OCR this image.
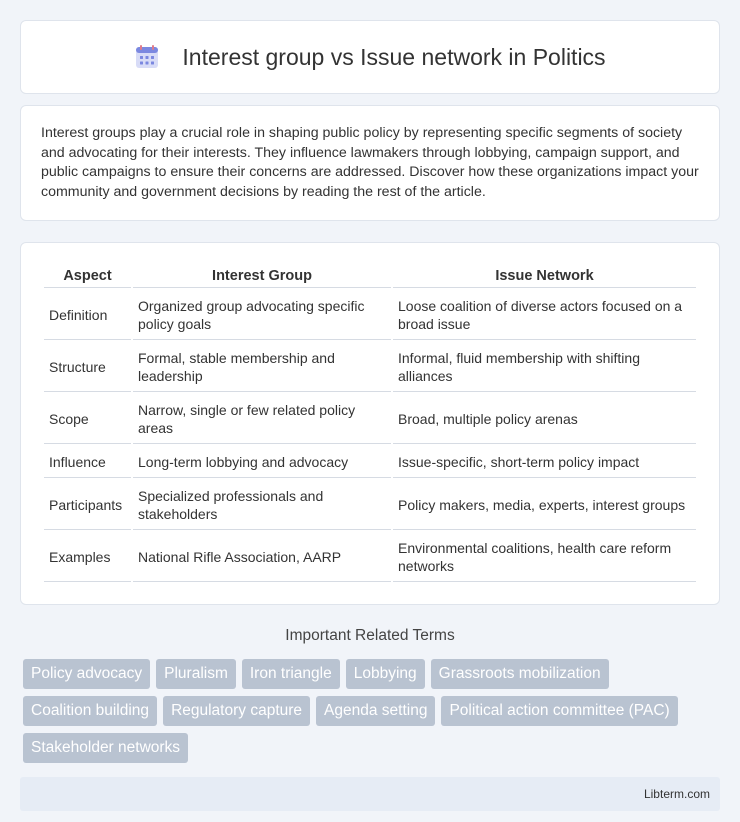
Interest group vs Issue network in Politics

Interest groups play a crucial role in shaping public policy by representing specific segments of society and advocating for their interests. They influence lawmakers through lobbying, campaign support, and public campaigns to ensure their concerns are addressed. Discover how these organizations impact your community and government decisions by reading the rest of the article.

Aspect	Interest Group	Issue Network
Definition	Organized group advocating specific policy goals	Loose coalition of diverse actors focused on a broad issue
Structure	Formal, stable membership and leadership	Informal, fluid membership with shifting alliances
Scope	Narrow, single or few related policy areas	Broad, multiple policy arenas
Influence	Long-term lobbying and advocacy	Issue-specific, short-term policy impact
Participants	Specialized professionals and stakeholders	Policy makers, media, experts, interest groups
Examples	National Rifle Association, AARP	Environmental coalitions, health care reform networks
Important Related Terms
Policy advocacy	Pluralism	Iron triangle	Lobbying	Grassroots mobilization
Coalition building	Regulatory capture	Agenda setting	Political action committee (PAC)
Stakeholder networks
Libterm.com
